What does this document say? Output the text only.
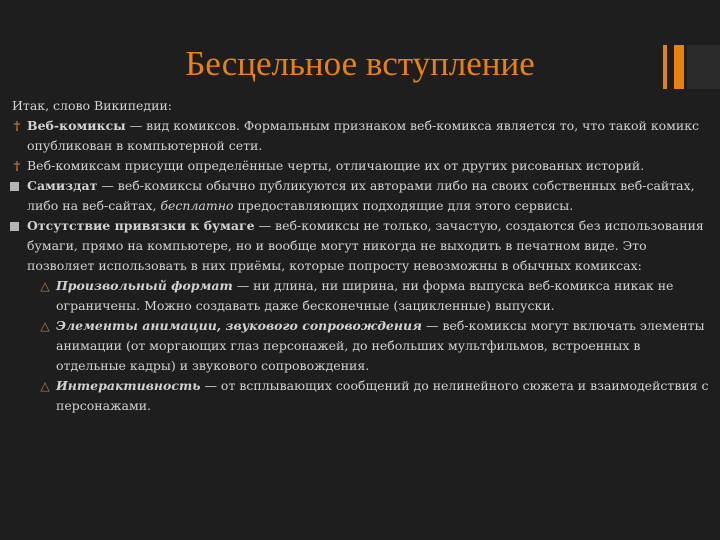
Бесцельное вступление

Итак, слово Википедии:

† Веб-комиксы — вид комиксов. Формальным признаком веб-комикса является то, что такой комикс опубликован в компьютерной сети.

† Веб-комиксам присущи определённые черты, отличающие их от других рисованых историй.

Самиздат — веб-комиксы обычно публикуются их авторами либо на своих собственных веб-сайтах, либо на веб-сайтах, бесплатно предоставляющих подходящие для этого сервисы.

Отсутствие привязки к бумаге — веб-комиксы не только, зачастую, создаются без использования бумаги, прямо на компьютере, но и вообще могут никогда не выходить в печатном виде. Это позволяет использовать в них приёмы, которые попросту невозможны в обычных комиксах:

△ Произвольный формат — ни длина, ни ширина, ни форма выпуска веб-комикса никак не ограничены. Можно создавать даже бесконечные (зацикленные) выпуски.

△ Элементы анимации, звукового сопровождения — веб-комиксы могут включать элементы анимации (от моргающих глаз персонажей, до небольших мультфильмов, встроенных в отдельные кадры) и звукового сопровождения.

△ Интерактивность — от всплывающих сообщений до нелинейного сюжета и взаимодействия с персонажами.
